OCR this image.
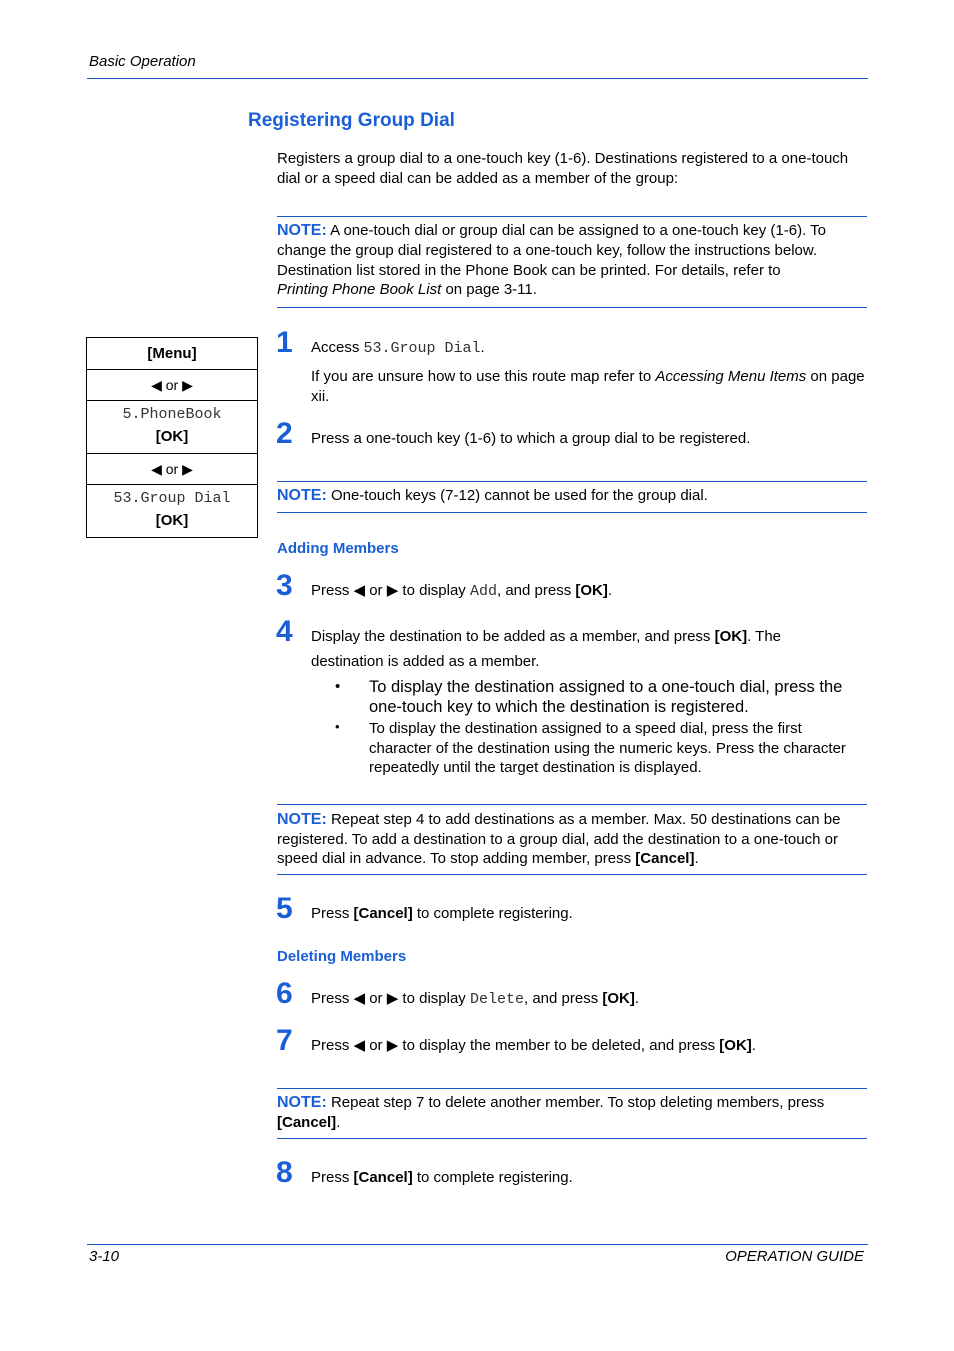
Basic Operation
Registering Group Dial
Registers a group dial to a one-touch key (1-6). Destinations registered to a one-touch dial or a speed dial can be added as a member of the group:
NOTE: A one-touch dial or group dial can be assigned to a one-touch key (1-6). To change the group dial registered to a one-touch key, follow the instructions below. Destination list stored in the Phone Book can be printed. For details, refer to
Printing Phone Book List on page 3-11.
[Menu]
◀ or ▶
5.PhoneBook
[OK]
◀ or ▶
53.Group Dial
[OK]
1	Access 53.Group Dial.
If you are unsure how to use this route map refer to Accessing Menu Items on page xii.
2	Press a one-touch key (1-6) to which a group dial to be registered.
NOTE: One-touch keys (7-12) cannot be used for the group dial.
Adding Members
3	Press ◀ or ▶ to display Add, and press [OK].
4	Display the destination to be added as a member, and press [OK]. The
destination is added as a member.
• To display the destination assigned to a one-touch dial, press the one-touch key to which the destination is registered.
• To display the destination assigned to a speed dial, press the first character of the destination using the numeric keys. Press the character repeatedly until the target destination is displayed.
NOTE: Repeat step 4 to add destinations as a member. Max. 50 destinations can be registered. To add a destination to a group dial, add the destination to a one-touch or speed dial in advance. To stop adding member, press [Cancel].
5	Press [Cancel] to complete registering.
Deleting Members
6	Press ◀ or ▶ to display Delete, and press [OK].
7	Press ◀ or ▶ to display the member to be deleted, and press [OK].
NOTE: Repeat step 7 to delete another member. To stop deleting members, press [Cancel].
8	Press [Cancel] to complete registering.
3-10	OPERATION GUIDE
